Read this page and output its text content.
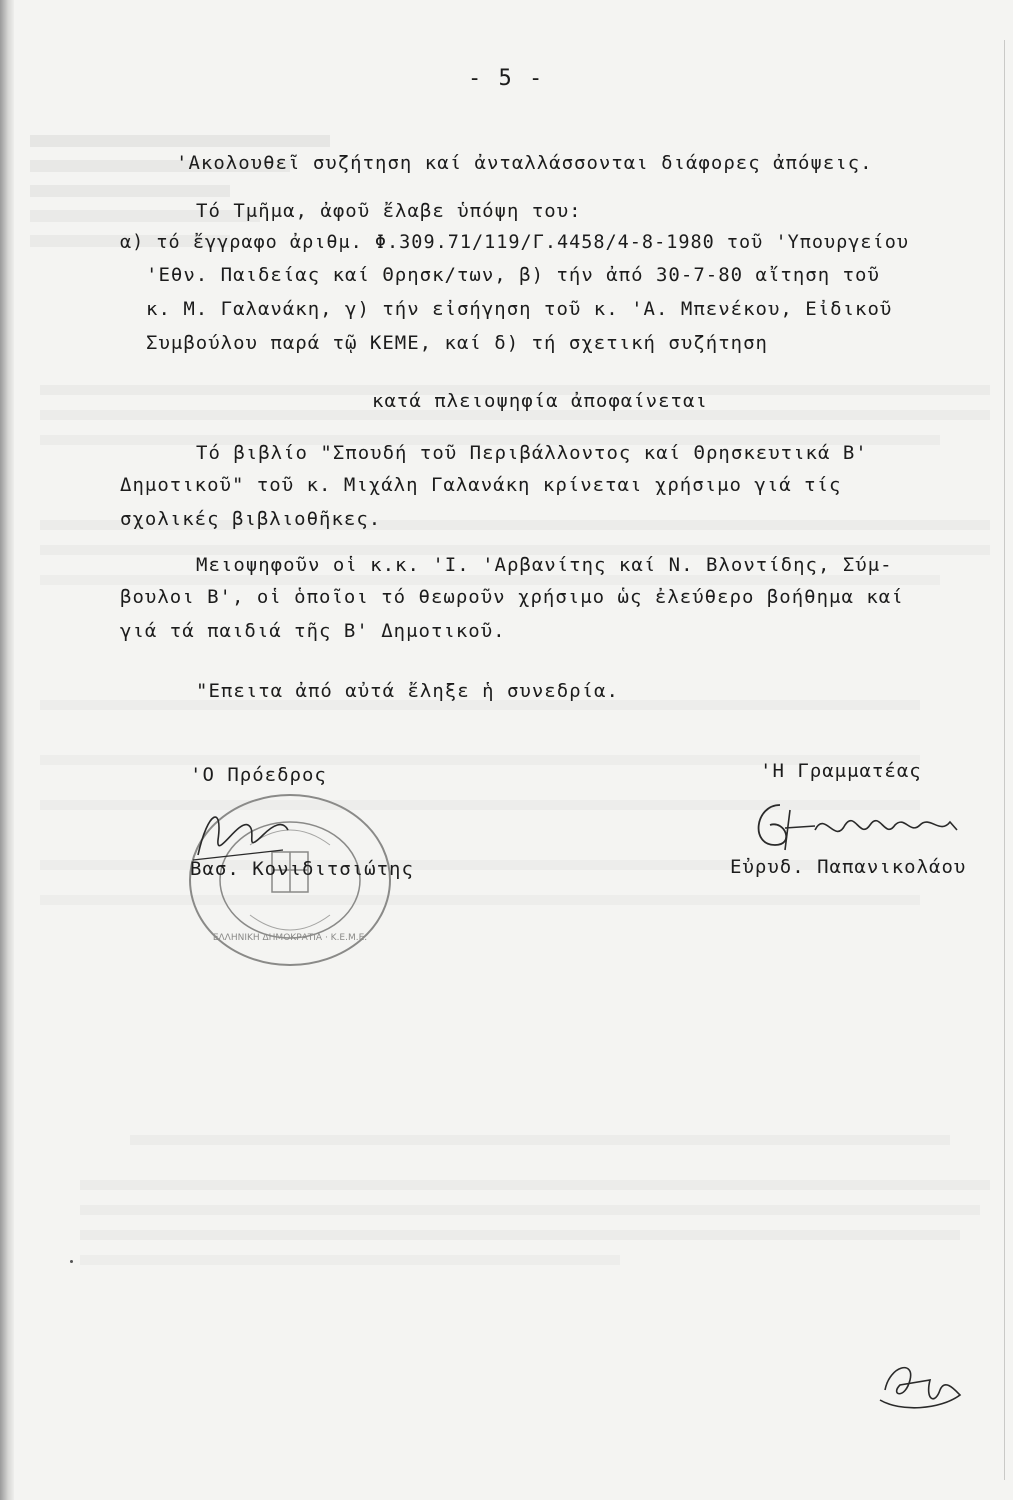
- 5 -
'Ακολουθεῖ συζήτηση καί ἀνταλλάσσονται διάφορες ἀπόψεις.
Τό Τμῆμα, ἀφοῦ ἔλαβε ὑπόψη του:
α) τό ἔγγραφο ἀριθμ. Φ.309.71/119/Γ.4458/4-8-1980 τοῦ 'Υπουργείου
'Εθν. Παιδείας καί Θρησκ/των, β) τήν ἀπό 30-7-80 αἴτηση τοῦ
κ. Μ. Γαλανάκη, γ) τήν εἰσήγηση τοῦ κ. 'Α. Μπενέκου, Εἰδικοῦ
Συμβούλου παρά τῷ ΚΕΜΕ, καί δ) τή σχετική συζήτηση
κατά πλειοψηφία ἀποφαίνεται
Τό βιβλίο "Σπουδή τοῦ Περιβάλλοντος καί Θρησκευτικά Β'
Δημοτικοῦ" τοῦ κ. Μιχάλη Γαλανάκη κρίνεται χρήσιμο γιά τίς
σχολικές βιβλιοθῆκες.
Μειοψηφοῦν οἱ κ.κ. 'Ι. 'Αρβανίτης καί Ν. Βλοντίδης, Σύμ-
βουλοι Β', οἱ ὁποῖοι τό θεωροῦν χρήσιμο ὡς ἐλεύθερο βοήθημα καί
γιά τά παιδιά τῆς Β' Δημοτικοῦ.
"Επειτα ἀπό αὐτά ἔληξε ἡ συνεδρία.
ΕΛΛΗΝΙΚΗ ΔΗΜΟΚΡΑΤΙΑ · Κ.Ε.Μ.Ε.
'Ο Πρόεδρος
Βασ. Κονιδιτσιώτης
'Η Γραμματέας
Εὐρυδ. Παπανικολάου
